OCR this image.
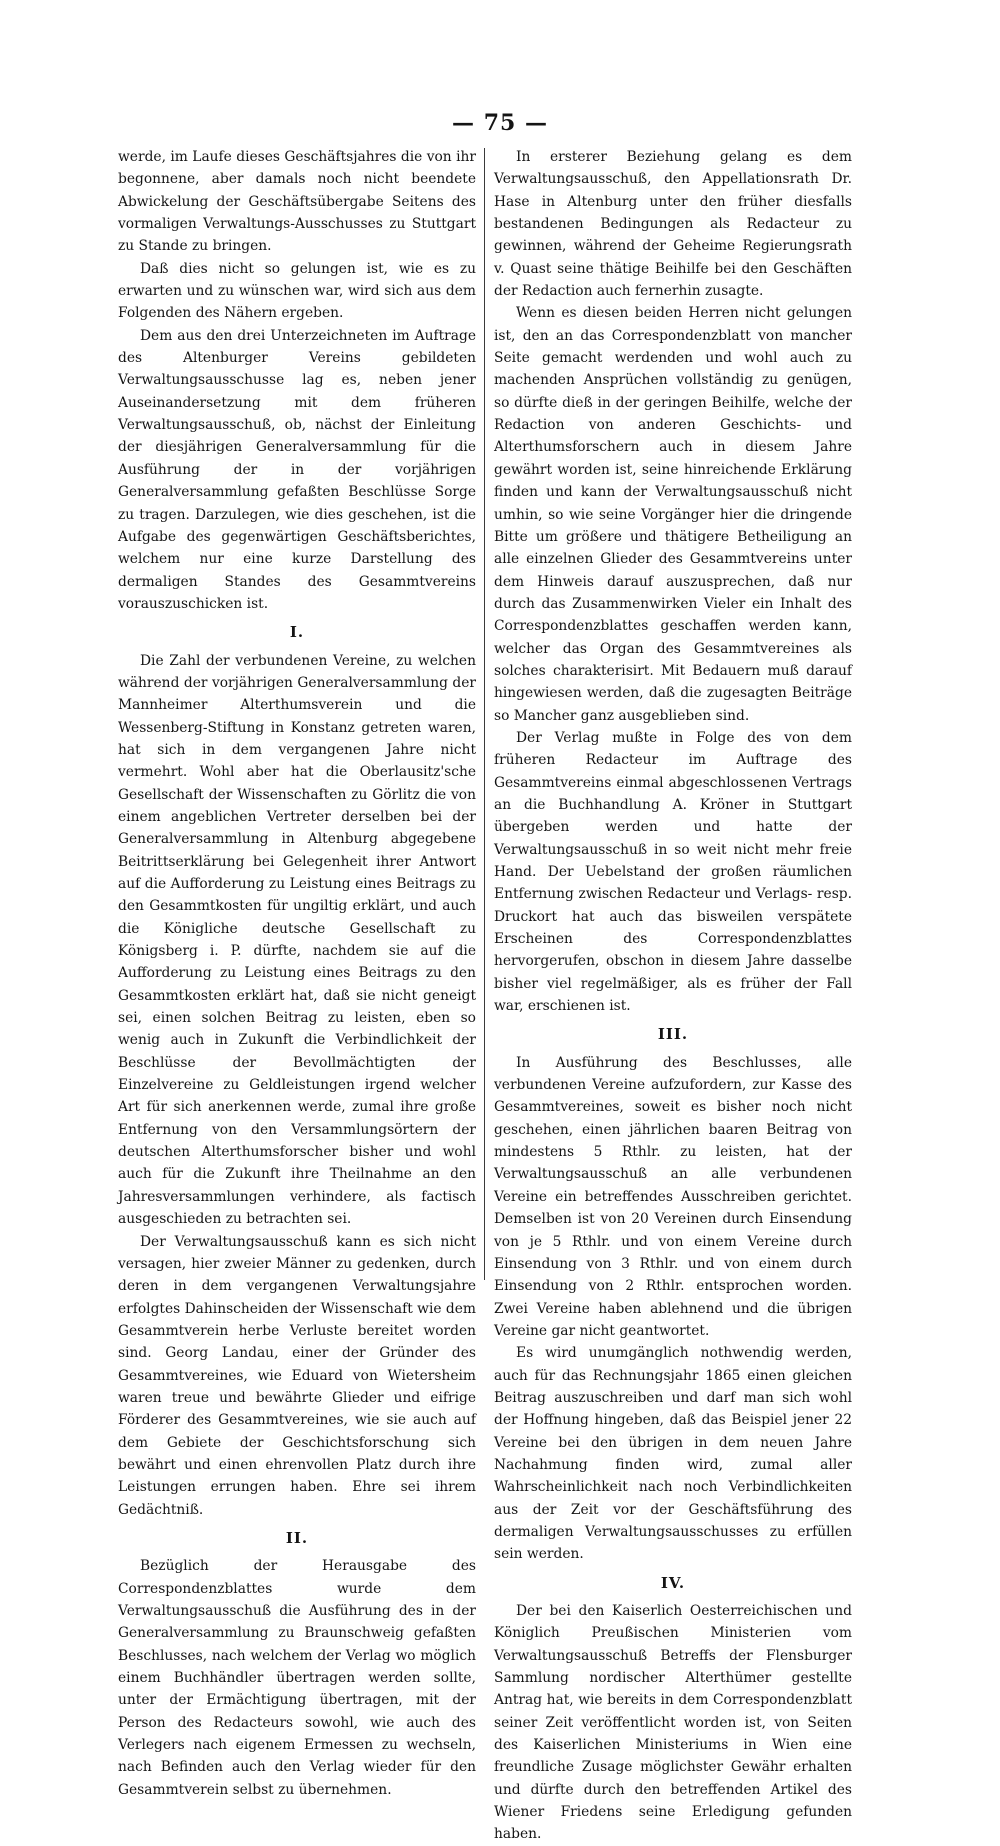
— 75 —

werde, im Laufe dieses Geschäftsjahres die von ihr begonnene, aber damals noch nicht beendete Abwickelung der Geschäftsübergabe Seitens des vormaligen Verwaltungs-Ausschusses zu Stuttgart zu Stande zu bringen.

Daß dies nicht so gelungen ist, wie es zu erwarten und zu wünschen war, wird sich aus dem Folgenden des Nähern ergeben.

Dem aus den drei Unterzeichneten im Auftrage des Altenburger Vereins gebildeten Verwaltungsausschusse lag es, neben jener Auseinandersetzung mit dem früheren Verwaltungsausschuß, ob, nächst der Einleitung der diesjährigen Generalversammlung für die Ausführung der in der vorjährigen Generalversammlung gefaßten Beschlüsse Sorge zu tragen. Darzulegen, wie dies geschehen, ist die Aufgabe des gegenwärtigen Geschäftsberichtes, welchem nur eine kurze Darstellung des dermaligen Standes des Gesammtvereins vorauszuschicken ist.

I.

Die Zahl der verbundenen Vereine, zu welchen während der vorjährigen Generalversammlung der Mannheimer Alterthumsverein und die Wessenberg-Stiftung in Konstanz getreten waren, hat sich in dem vergangenen Jahre nicht vermehrt. Wohl aber hat die Oberlausitz'sche Gesellschaft der Wissenschaften zu Görlitz die von einem angeblichen Vertreter derselben bei der Generalversammlung in Altenburg abgegebene Beitrittserklärung bei Gelegenheit ihrer Antwort auf die Aufforderung zu Leistung eines Beitrags zu den Gesammtkosten für ungiltig erklärt, und auch die Königliche deutsche Gesellschaft zu Königsberg i. P. dürfte, nachdem sie auf die Aufforderung zu Leistung eines Beitrags zu den Gesammtkosten erklärt hat, daß sie nicht geneigt sei, einen solchen Beitrag zu leisten, eben so wenig auch in Zukunft die Verbindlichkeit der Beschlüsse der Bevollmächtigten der Einzelvereine zu Geldleistungen irgend welcher Art für sich anerkennen werde, zumal ihre große Entfernung von den Versammlungsörtern der deutschen Alterthumsforscher bisher und wohl auch für die Zukunft ihre Theilnahme an den Jahresversammlungen verhindere, als factisch ausgeschieden zu betrachten sei.

Der Verwaltungsausschuß kann es sich nicht versagen, hier zweier Männer zu gedenken, durch deren in dem vergangenen Verwaltungsjahre erfolgtes Dahinscheiden der Wissenschaft wie dem Gesammtverein herbe Verluste bereitet worden sind. Georg Landau, einer der Gründer des Gesammtvereines, wie Eduard von Wietersheim waren treue und bewährte Glieder und eifrige Förderer des Gesammtvereines, wie sie auch auf dem Gebiete der Geschichtsforschung sich bewährt und einen ehrenvollen Platz durch ihre Leistungen errungen haben. Ehre sei ihrem Gedächtniß.

II.

Bezüglich der Herausgabe des Correspondenzblattes wurde dem Verwaltungsausschuß die Ausführung des in der Generalversammlung zu Braunschweig gefaßten Beschlusses, nach welchem der Verlag wo möglich einem Buchhändler übertragen werden sollte, unter der Ermächtigung übertragen, mit der Person des Redacteurs sowohl, wie auch des Verlegers nach eigenem Ermessen zu wechseln, nach Befinden auch den Verlag wieder für den Gesammtverein selbst zu übernehmen.

In ersterer Beziehung gelang es dem Verwaltungsausschuß, den Appellationsrath Dr. Hase in Altenburg unter den früher diesfalls bestandenen Bedingungen als Redacteur zu gewinnen, während der Geheime Regierungsrath v. Quast seine thätige Beihilfe bei den Geschäften der Redaction auch fernerhin zusagte.

Wenn es diesen beiden Herren nicht gelungen ist, den an das Correspondenzblatt von mancher Seite gemacht werdenden und wohl auch zu machenden Ansprüchen vollständig zu genügen, so dürfte dieß in der geringen Beihilfe, welche der Redaction von anderen Geschichts- und Alterthumsforschern auch in diesem Jahre gewährt worden ist, seine hinreichende Erklärung finden und kann der Verwaltungsausschuß nicht umhin, so wie seine Vorgänger hier die dringende Bitte um größere und thätigere Betheiligung an alle einzelnen Glieder des Gesammtvereins unter dem Hinweis darauf auszusprechen, daß nur durch das Zusammenwirken Vieler ein Inhalt des Correspondenzblattes geschaffen werden kann, welcher das Organ des Gesammtvereines als solches charakterisirt. Mit Bedauern muß darauf hingewiesen werden, daß die zugesagten Beiträge so Mancher ganz ausgeblieben sind.

Der Verlag mußte in Folge des von dem früheren Redacteur im Auftrage des Gesammtvereins einmal abgeschlossenen Vertrags an die Buchhandlung A. Kröner in Stuttgart übergeben werden und hatte der Verwaltungsausschuß in so weit nicht mehr freie Hand. Der Uebelstand der großen räumlichen Entfernung zwischen Redacteur und Verlags- resp. Druckort hat auch das bisweilen verspätete Erscheinen des Correspondenzblattes hervorgerufen, obschon in diesem Jahre dasselbe bisher viel regelmäßiger, als es früher der Fall war, erschienen ist.

III.

In Ausführung des Beschlusses, alle verbundenen Vereine aufzufordern, zur Kasse des Gesammtvereines, soweit es bisher noch nicht geschehen, einen jährlichen baaren Beitrag von mindestens 5 Rthlr. zu leisten, hat der Verwaltungsausschuß an alle verbundenen Vereine ein betreffendes Ausschreiben gerichtet. Demselben ist von 20 Vereinen durch Einsendung von je 5 Rthlr. und von einem Vereine durch Einsendung von 3 Rthlr. und von einem durch Einsendung von 2 Rthlr. entsprochen worden. Zwei Vereine haben ablehnend und die übrigen Vereine gar nicht geantwortet.

Es wird unumgänglich nothwendig werden, auch für das Rechnungsjahr 1865 einen gleichen Beitrag auszuschreiben und darf man sich wohl der Hoffnung hingeben, daß das Beispiel jener 22 Vereine bei den übrigen in dem neuen Jahre Nachahmung finden wird, zumal aller Wahrscheinlichkeit nach noch Verbindlichkeiten aus der Zeit vor der Geschäftsführung des dermaligen Verwaltungsausschusses zu erfüllen sein werden.

IV.

Der bei den Kaiserlich Oesterreichischen und Königlich Preußischen Ministerien vom Verwaltungsausschuß Betreffs der Flensburger Sammlung nordischer Alterthümer gestellte Antrag hat, wie bereits in dem Correspondenzblatt seiner Zeit veröffentlicht worden ist, von Seiten des Kaiserlichen Ministeriums in Wien eine freundliche Zusage möglichster Gewähr erhalten und dürfte durch den betreffenden Artikel des Wiener Friedens seine Erledigung gefunden haben.
